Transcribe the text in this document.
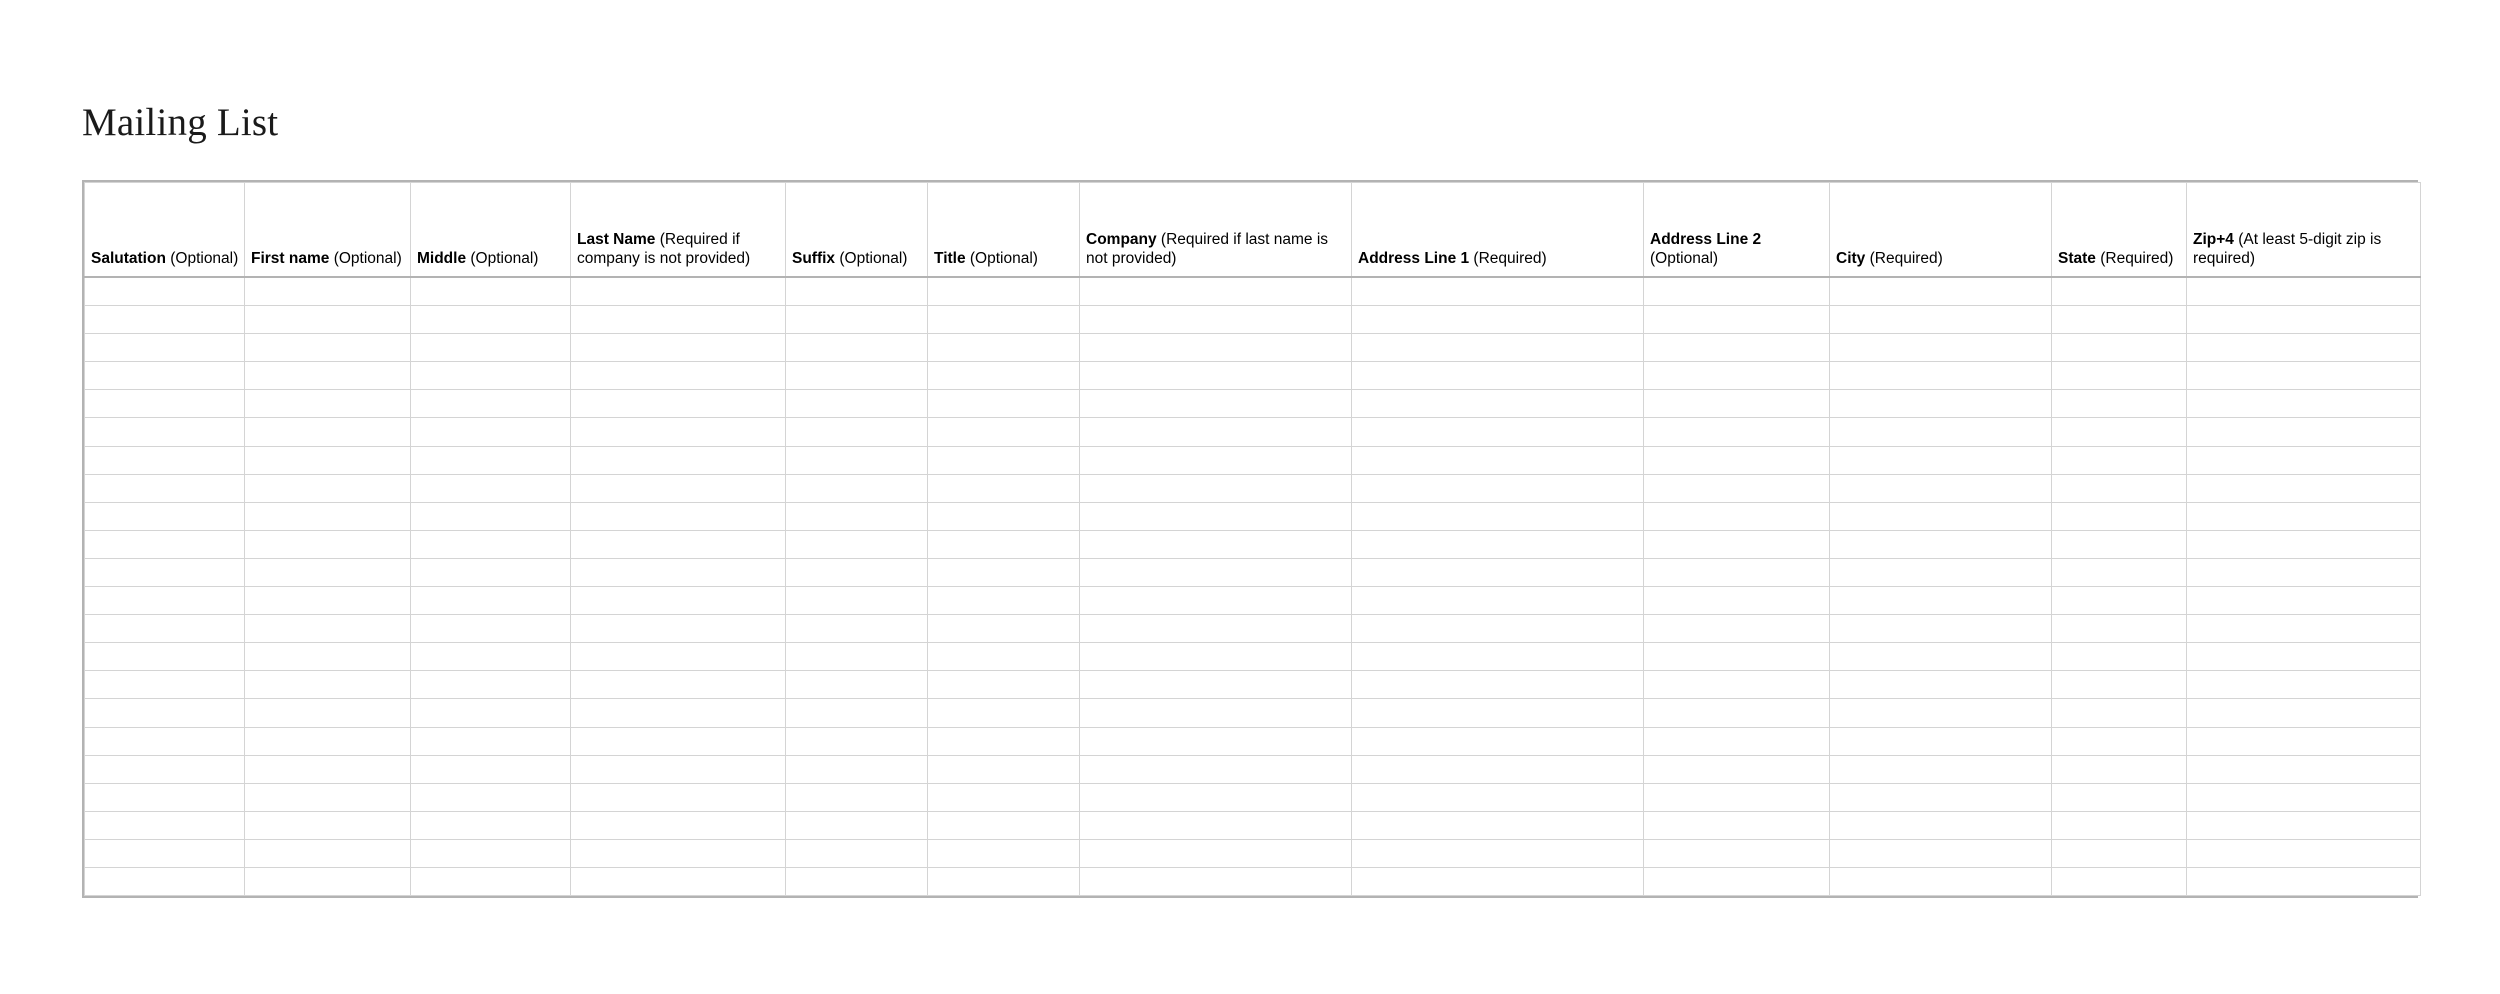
Mailing List
Salutation (Optional)	First name (Optional)	Middle (Optional)	Last Name (Required if company is not provided)	Suffix (Optional)	Title (Optional)	Company (Required if last name is not provided)	Address Line 1 (Required)	Address Line 2 (Optional)	City (Required)	State (Required)	Zip+4 (At least 5-digit zip is required)
